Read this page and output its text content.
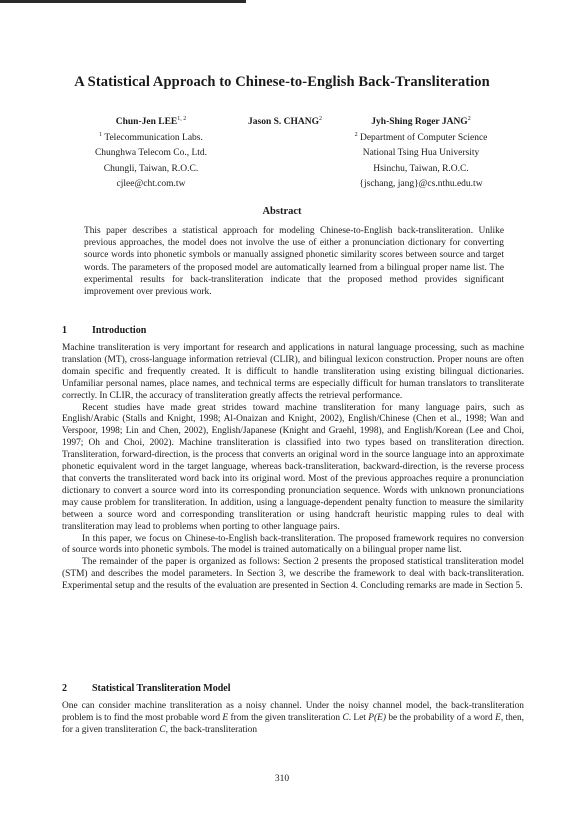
A Statistical Approach to Chinese-to-English Back-Transliteration
Chun-Jen LEE$^{1, 2}$
$^1$ Telecommunication Labs.
Chunghwa Telecom Co., Ltd.
Chungli, Taiwan, R.O.C.
cjlee@cht.com.tw
Jason S. CHANG$^2$	Jyh-Shing Roger JANG$^2$
$^2$ Department of Computer Science
National Tsing Hua University
Hsinchu, Taiwan, R.O.C.
{jschang, jang}@cs.nthu.edu.tw
Abstract

This paper describes a statistical approach for modeling Chinese-to-English back-transliteration. Unlike previous approaches, the model does not involve the use of either a pronunciation dictionary for converting source words into phonetic symbols or manually assigned phonetic similarity scores between source and target words. The parameters of the proposed model are automatically learned from a bilingual proper name list. The experimental results for back-transliteration indicate that the proposed method provides significant improvement over previous work.

1	Introduction

Machine transliteration is very important for research and applications in natural language processing, such as machine translation (MT), cross-language information retrieval (CLIR), and bilingual lexicon construction. Proper nouns are often domain specific and frequently created. It is difficult to handle transliteration using existing bilingual dictionaries. Unfamiliar personal names, place names, and technical terms are especially difficult for human translators to transliterate correctly. In CLIR, the accuracy of transliteration greatly affects the retrieval performance.

Recent studies have made great strides toward machine transliteration for many language pairs, such as English/Arabic (Stalls and Knight, 1998; Al-Onaizan and Knight, 2002), English/Chinese (Chen et al., 1998; Wan and Verspoor, 1998; Lin and Chen, 2002), English/Japanese (Knight and Graehl, 1998), and English/Korean (Lee and Choi, 1997; Oh and Choi, 2002). Machine transliteration is classified into two types based on transliteration direction. Transliteration, forward-direction, is the process that converts an original word in the source language into an approximate phonetic equivalent word in the target language, whereas back-transliteration, backward-direction, is the reverse process that converts the transliterated word back into its original word. Most of the previous approaches require a pronunciation dictionary to convert a source word into its corresponding pronunciation sequence. Words with unknown pronunciations may cause problem for transliteration. In addition, using a language-dependent penalty function to measure the similarity between a source word and corresponding transliteration or using handcraft heuristic mapping rules to deal with transliteration may lead to problems when porting to other language pairs.

In this paper, we focus on Chinese-to-English back-transliteration. The proposed framework requires no conversion of source words into phonetic symbols. The model is trained automatically on a bilingual proper name list.

The remainder of the paper is organized as follows: Section 2 presents the proposed statistical transliteration model (STM) and describes the model parameters. In Section 3, we describe the framework to deal with back-transliteration. Experimental setup and the results of the evaluation are presented in Section 4. Concluding remarks are made in Section 5.

2	Statistical Transliteration Model

One can consider machine transliteration as a noisy channel. Under the noisy channel model, the back-transliteration problem is to find the most probable word E from the given transliteration C. Let P(E) be the probability of a word E, then, for a given transliteration C, the back-transliteration

310
